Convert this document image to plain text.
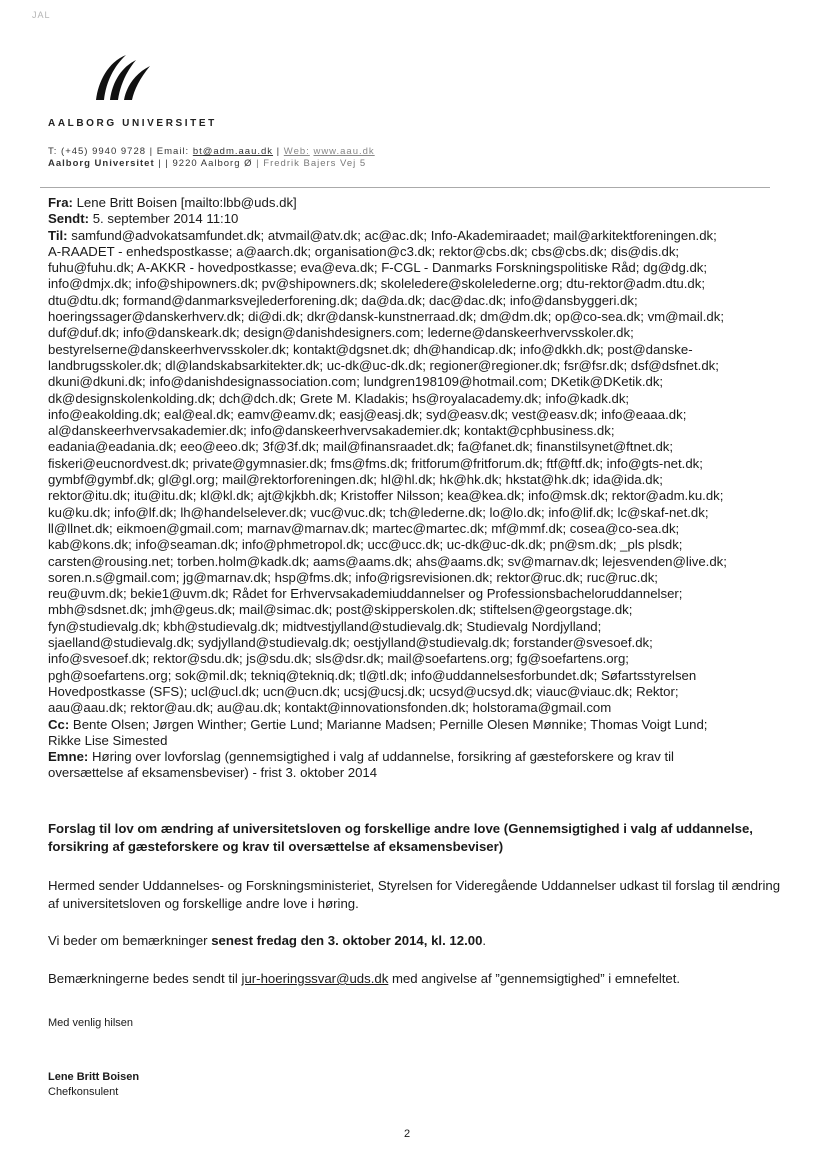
JAL
AALBORG UNIVERSITET
T: (+45) 9940 9728 | Email: bt@adm.aau.dk | Web: www.aau.dk
Aalborg Universitet | | 9220 Aalborg Ø | Fredrik Bajers Vej 5

Fra: Lene Britt Boisen [mailto:lbb@uds.dk]

Sendt: 5. september 2014 11:10

Til: samfund@advokatsamfundet.dk; atvmail@atv.dk; ac@ac.dk; Info-Akademiraadet; mail@arkitektforeningen.dk;

A-RAADET - enhedspostkasse; a@aarch.dk; organisation@c3.dk; rektor@cbs.dk; cbs@cbs.dk; dis@dis.dk;

fuhu@fuhu.dk; A-AKKR - hovedpostkasse; eva@eva.dk; F-CGL - Danmarks Forskningspolitiske Råd; dg@dg.dk;

info@dmjx.dk; info@shipowners.dk; pv@shipowners.dk; skoleledere@skolelederne.org; dtu-rektor@adm.dtu.dk;

dtu@dtu.dk; formand@danmarksvejlederforening.dk; da@da.dk; dac@dac.dk; info@dansbyggeri.dk;

hoeringssager@danskerhverv.dk; di@di.dk; dkr@dansk-kunstnerraad.dk; dm@dm.dk; op@co-sea.dk; vm@mail.dk;

duf@duf.dk; info@danskeark.dk; design@danishdesigners.com; lederne@danskeerhvervsskoler.dk;

bestyrelserne@danskeerhvervsskoler.dk; kontakt@dgsnet.dk; dh@handicap.dk; info@dkkh.dk; post@danske-

landbrugsskoler.dk; dl@landskabsarkitekter.dk; uc-dk@uc-dk.dk; regioner@regioner.dk; fsr@fsr.dk; dsf@dsfnet.dk;

dkuni@dkuni.dk; info@danishdesignassociation.com; lundgren198109@hotmail.com; DKetik@DKetik.dk;

dk@designskolenkolding.dk; dch@dch.dk; Grete M. Kladakis; hs@royalacademy.dk; info@kadk.dk;

info@eakolding.dk; eal@eal.dk; eamv@eamv.dk; easj@easj.dk; syd@easv.dk; vest@easv.dk; info@eaaa.dk;

al@danskeerhvervsakademier.dk; info@danskeerhvervsakademier.dk; kontakt@cphbusiness.dk;

eadania@eadania.dk; eeo@eeo.dk; 3f@3f.dk; mail@finansraadet.dk; fa@fanet.dk; finanstilsynet@ftnet.dk;

fiskeri@eucnordvest.dk; private@gymnasier.dk; fms@fms.dk; fritforum@fritforum.dk; ftf@ftf.dk; info@gts-net.dk;

gymbf@gymbf.dk; gl@gl.org; mail@rektorforeningen.dk; hl@hl.dk; hk@hk.dk; hkstat@hk.dk; ida@ida.dk;

rektor@itu.dk; itu@itu.dk; kl@kl.dk; ajt@kjkbh.dk; Kristoffer Nilsson; kea@kea.dk; info@msk.dk; rektor@adm.ku.dk;

ku@ku.dk; info@lf.dk; lh@handelselever.dk; vuc@vuc.dk; tch@lederne.dk; lo@lo.dk; info@lif.dk; lc@skaf-net.dk;

ll@llnet.dk; eikmoen@gmail.com; marnav@marnav.dk; martec@martec.dk; mf@mmf.dk; cosea@co-sea.dk;

kab@kons.dk; info@seaman.dk; info@phmetropol.dk; ucc@ucc.dk; uc-dk@uc-dk.dk; pn@sm.dk; _pls plsdk;

carsten@rousing.net; torben.holm@kadk.dk; aams@aams.dk; ahs@aams.dk; sv@marnav.dk; lejesvenden@live.dk;

soren.n.s@gmail.com; jg@marnav.dk; hsp@fms.dk; info@rigsrevisionen.dk; rektor@ruc.dk; ruc@ruc.dk;

reu@uvm.dk; bekie1@uvm.dk; Rådet for Erhvervsakademiuddannelser og Professionsbacheloruddannelser;

mbh@sdsnet.dk; jmh@geus.dk; mail@simac.dk; post@skipperskolen.dk; stiftelsen@georgstage.dk;

fyn@studievalg.dk; kbh@studievalg.dk; midtvestjylland@studievalg.dk; Studievalg Nordjylland;

sjaelland@studievalg.dk; sydjylland@studievalg.dk; oestjylland@studievalg.dk; forstander@svesoef.dk;

info@svesoef.dk; rektor@sdu.dk; js@sdu.dk; sls@dsr.dk; mail@soefartens.org; fg@soefartens.org;

pgh@soefartens.org; sok@mil.dk; tekniq@tekniq.dk; tl@tl.dk; info@uddannelsesforbundet.dk; Søfartsstyrelsen

Hovedpostkasse (SFS); ucl@ucl.dk; ucn@ucn.dk; ucsj@ucsj.dk; ucsyd@ucsyd.dk; viauc@viauc.dk; Rektor;

aau@aau.dk; rektor@au.dk; au@au.dk; kontakt@innovationsfonden.dk; holstorama@gmail.com

Cc: Bente Olsen; Jørgen Winther; Gertie Lund; Marianne Madsen; Pernille Olesen Mønnike; Thomas Voigt Lund;

Rikke Lise Simested

Emne: Høring over lovforslag (gennemsigtighed i valg af uddannelse, forsikring af gæsteforskere og krav til

oversættelse af eksamensbeviser) - frist 3. oktober 2014

Forslag til lov om ændring af universitetsloven og forskellige andre love (Gennemsigtighed i valg af uddannelse, forsikring af gæsteforskere og krav til oversættelse af eksamensbeviser)
Hermed sender Uddannelses- og Forskningsministeriet, Styrelsen for Videregående Uddannelser udkast til forslag til ændring af universitetsloven og forskellige andre love i høring.
Vi beder om bemærkninger senest fredag den 3. oktober 2014, kl. 12.00.
Bemærkningerne bedes sendt til jur-hoeringssvar@uds.dk med angivelse af ”gennemsigtighed” i emnefeltet.
Med venlig hilsen
Lene Britt Boisen
Chefkonsulent
2
